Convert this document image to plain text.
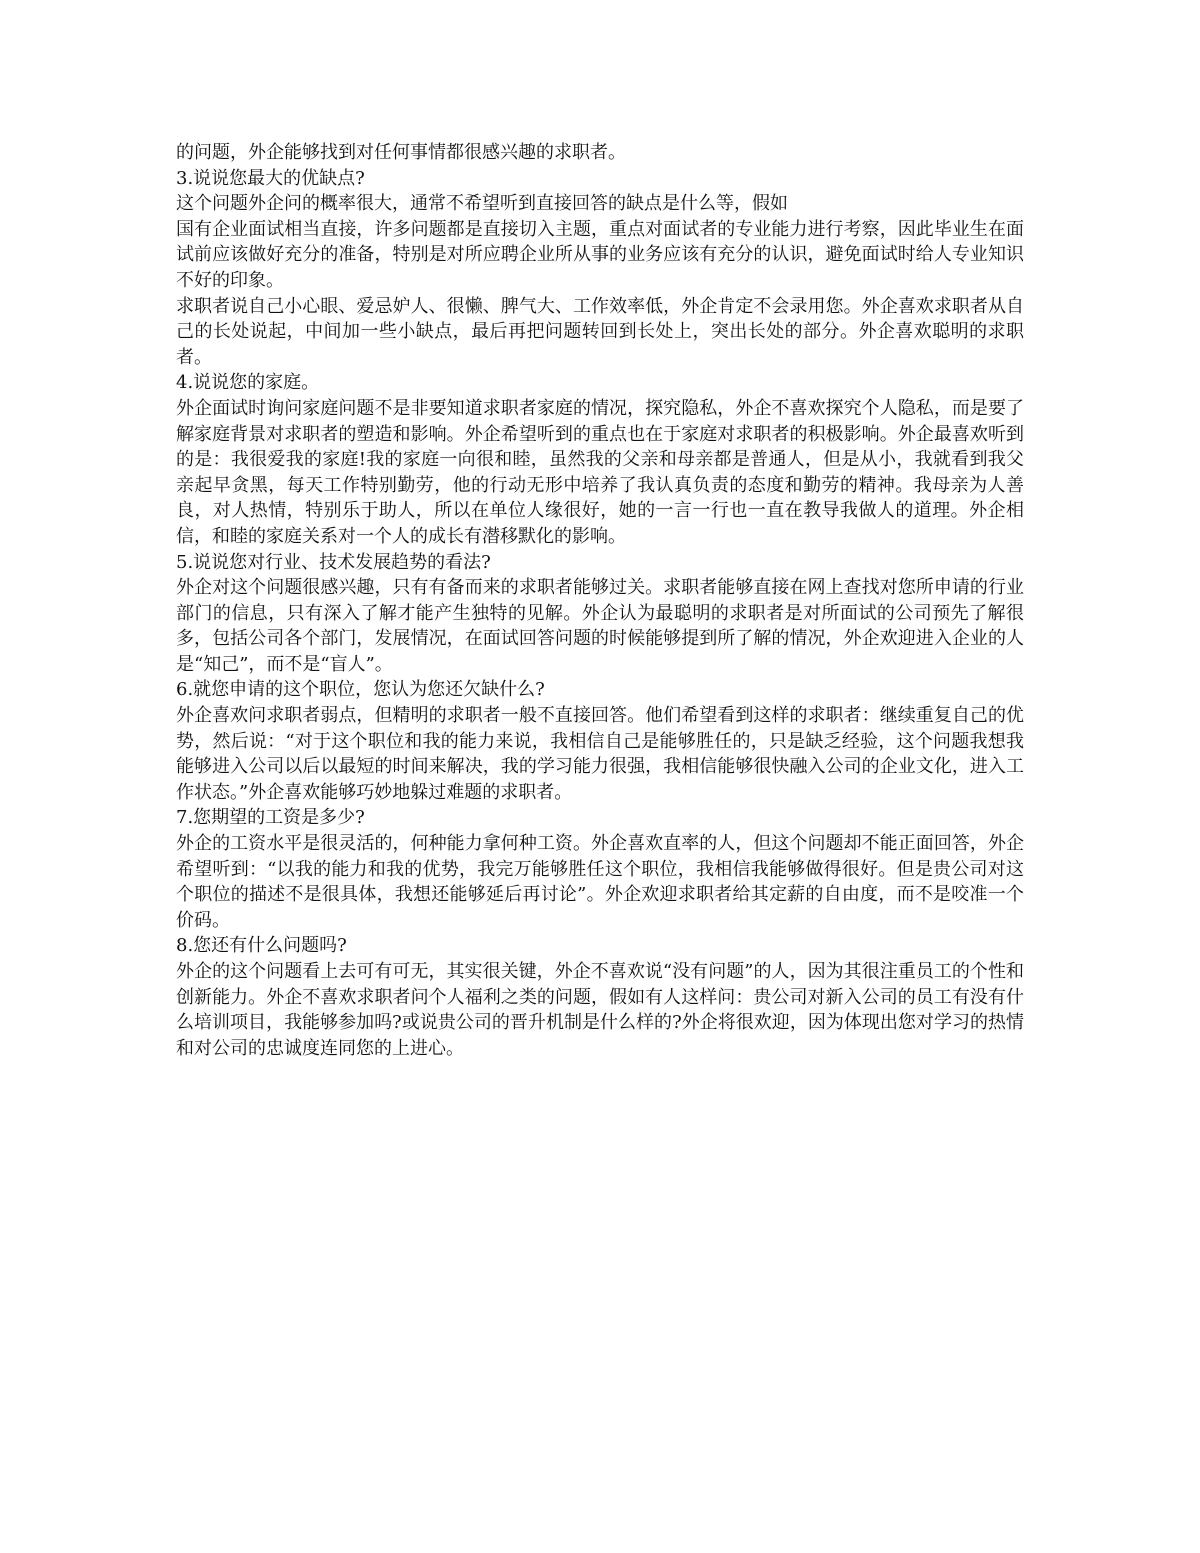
的问题，外企能够找到对任何事情都很感兴趣的求职者。

3.说说您最大的优缺点?

这个问题外企问的概率很大，通常不希望听到直接回答的缺点是什么等，假如

国有企业面试相当直接，许多问题都是直接切入主题，重点对面试者的专业能力进行考察，因此毕业生在面试前应该做好充分的准备，特别是对所应聘企业所从事的业务应该有充分的认识，避免面试时给人专业知识不好的印象。

求职者说自己小心眼、爱忌妒人、很懒、脾气大、工作效率低，外企肯定不会录用您。外企喜欢求职者从自己的长处说起，中间加一些小缺点，最后再把问题转回到长处上，突出长处的部分。外企喜欢聪明的求职者。

4.说说您的家庭。

外企面试时询问家庭问题不是非要知道求职者家庭的情况，探究隐私，外企不喜欢探究个人隐私，而是要了解家庭背景对求职者的塑造和影响。外企希望听到的重点也在于家庭对求职者的积极影响。外企最喜欢听到的是：我很爱我的家庭!我的家庭一向很和睦，虽然我的父亲和母亲都是普通人，但是从小，我就看到我父亲起早贪黑，每天工作特别勤劳，他的行动无形中培养了我认真负责的态度和勤劳的精神。我母亲为人善良，对人热情，特别乐于助人，所以在单位人缘很好，她的一言一行也一直在教导我做人的道理。外企相信，和睦的家庭关系对一个人的成长有潜移默化的影响。

5.说说您对行业、技术发展趋势的看法?

外企对这个问题很感兴趣，只有有备而来的求职者能够过关。求职者能够直接在网上查找对您所申请的行业部门的信息，只有深入了解才能产生独特的见解。外企认为最聪明的求职者是对所面试的公司预先了解很多，包括公司各个部门，发展情况，在面试回答问题的时候能够提到所了解的情况，外企欢迎进入企业的人是“知己”，而不是“盲人”。

6.就您申请的这个职位，您认为您还欠缺什么?

外企喜欢问求职者弱点，但精明的求职者一般不直接回答。他们希望看到这样的求职者：继续重复自己的优势，然后说：“对于这个职位和我的能力来说，我相信自己是能够胜任的，只是缺乏经验，这个问题我想我能够进入公司以后以最短的时间来解决，我的学习能力很强，我相信能够很快融入公司的企业文化，进入工作状态。”外企喜欢能够巧妙地躲过难题的求职者。

7.您期望的工资是多少?

外企的工资水平是很灵活的，何种能力拿何种工资。外企喜欢直率的人，但这个问题却不能正面回答，外企希望听到：“以我的能力和我的优势，我完万能够胜任这个职位，我相信我能够做得很好。但是贵公司对这个职位的描述不是很具体，我想还能够延后再讨论”。外企欢迎求职者给其定薪的自由度，而不是咬准一个价码。

8.您还有什么问题吗?

外企的这个问题看上去可有可无，其实很关键，外企不喜欢说“没有问题”的人，因为其很注重员工的个性和创新能力。外企不喜欢求职者问个人福利之类的问题，假如有人这样问：贵公司对新入公司的员工有没有什么培训项目，我能够参加吗?或说贵公司的晋升机制是什么样的?外企将很欢迎，因为体现出您对学习的热情和对公司的忠诚度连同您的上进心。
